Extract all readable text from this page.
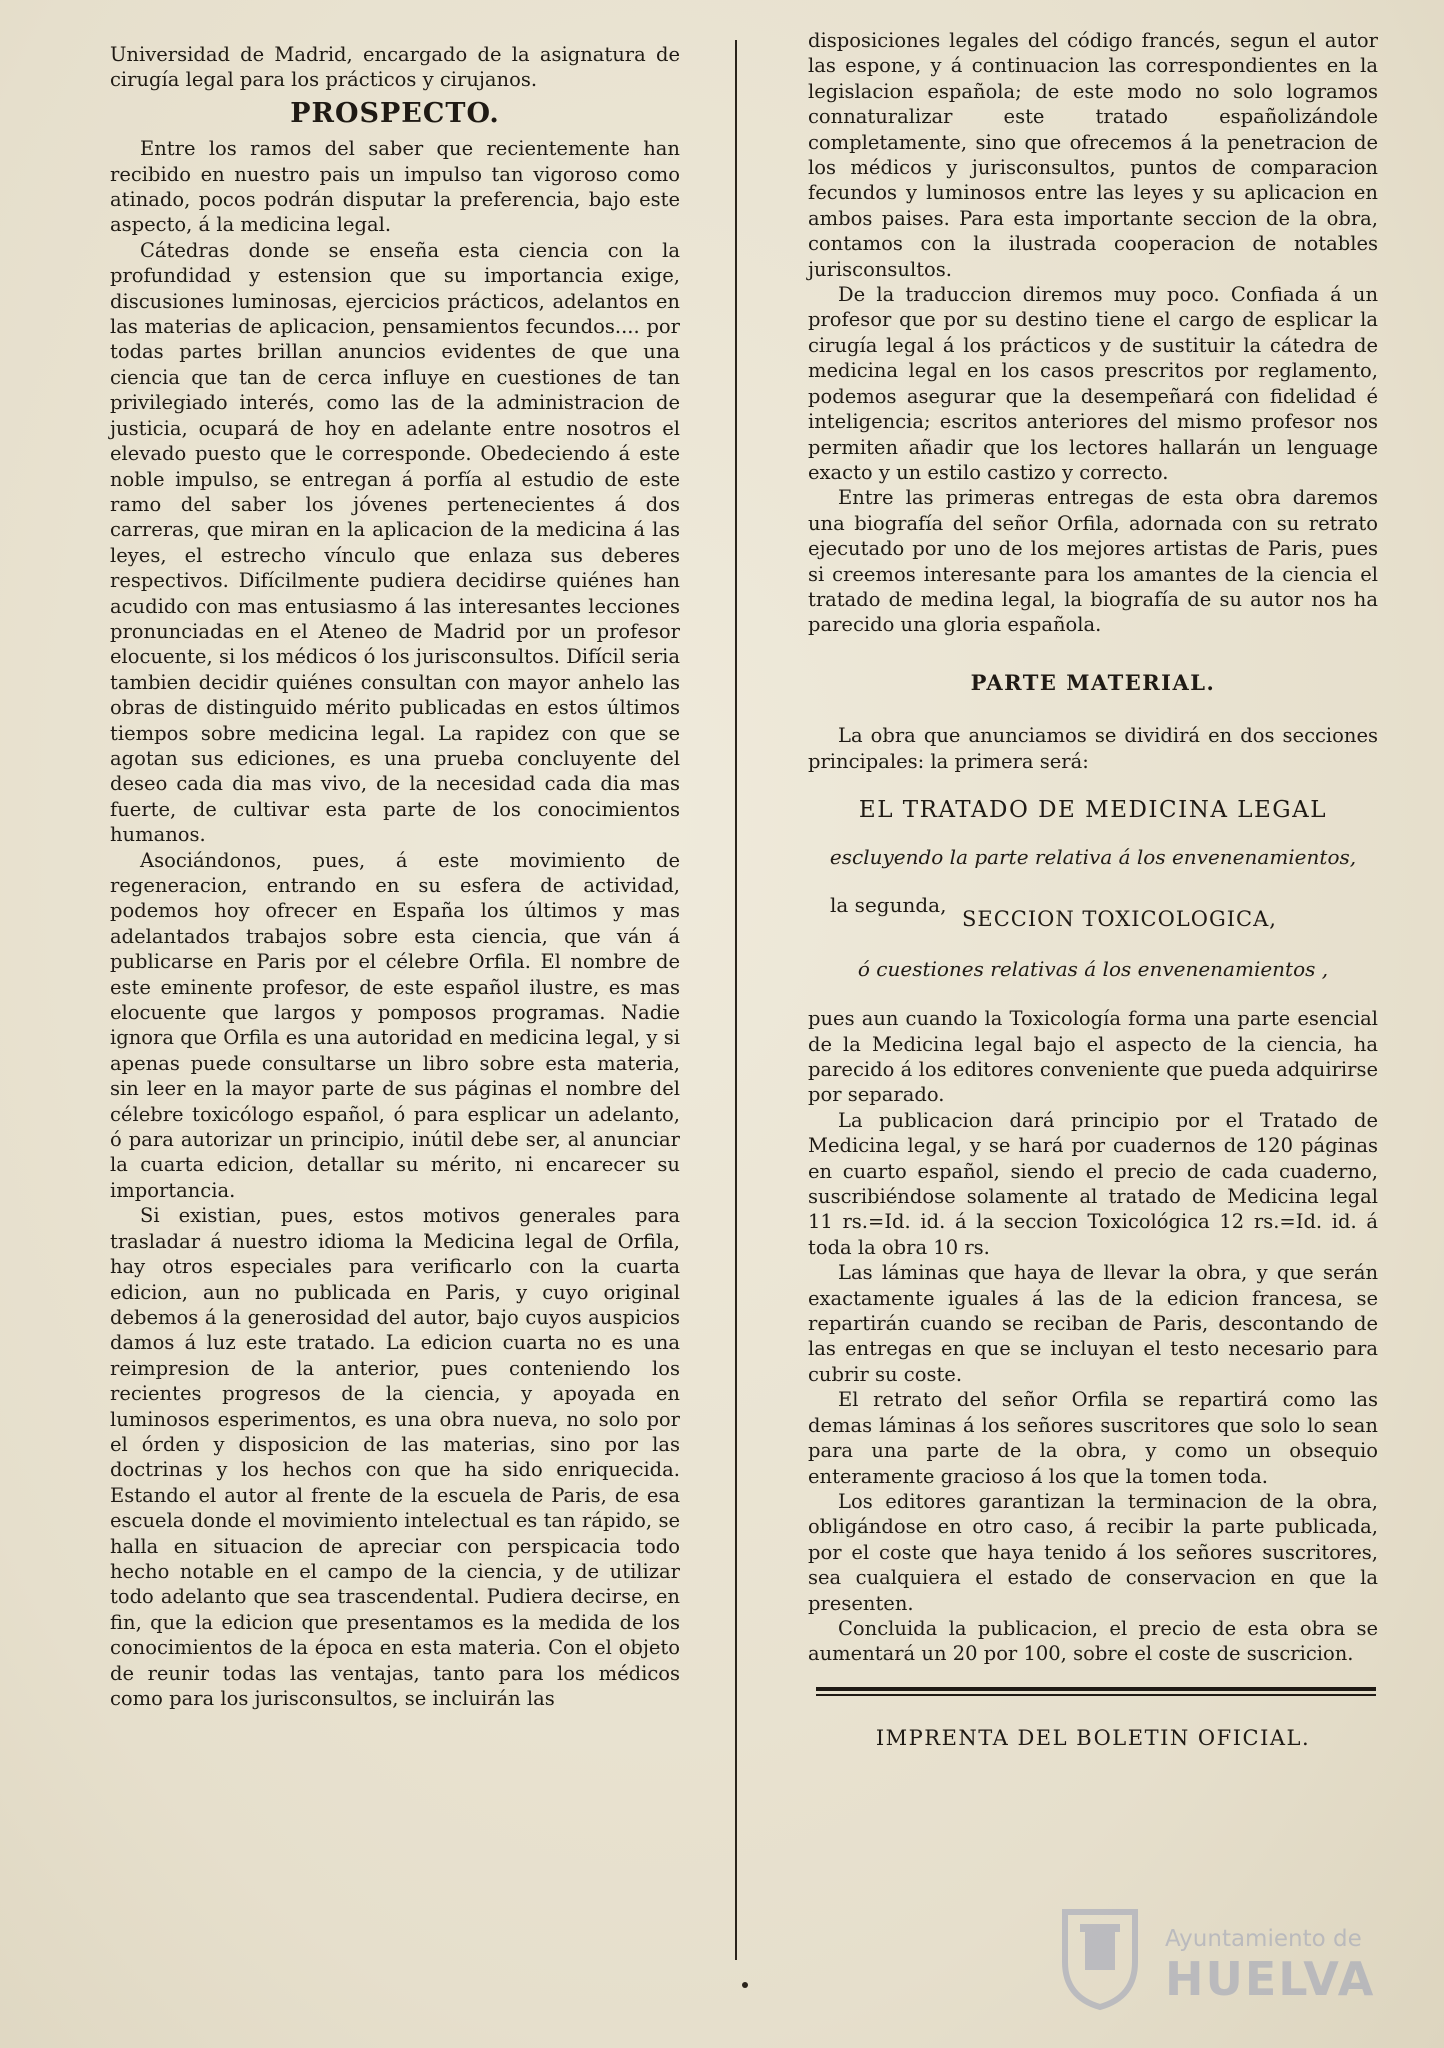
Universidad de Madrid, encargado de la asignatura de cirugía legal para los prácticos y cirujanos.

PROSPECTO.

Entre los ramos del saber que recientemente han recibido en nuestro pais un impulso tan vigoroso como atinado, pocos podrán disputar la preferencia, bajo este aspecto, á la medicina legal.

Cátedras donde se enseña esta ciencia con la profundidad y estension que su importancia exige, discusiones luminosas, ejercicios prácticos, adelantos en las materias de aplicacion, pensamientos fecundos.... por todas partes brillan anuncios evidentes de que una ciencia que tan de cerca influye en cuestiones de tan privilegiado interés, como las de la administracion de justicia, ocupará de hoy en adelante entre nosotros el elevado puesto que le corresponde. Obedeciendo á este noble impulso, se entregan á porfía al estudio de este ramo del saber los jóvenes pertenecientes á dos carreras, que miran en la aplicacion de la medicina á las leyes, el estrecho vínculo que enlaza sus deberes respectivos. Difícilmente pudiera decidirse quiénes han acudido con mas entusiasmo á las interesantes lecciones pronunciadas en el Ateneo de Madrid por un profesor elocuente, si los médicos ó los jurisconsultos. Difícil seria tambien decidir quiénes consultan con mayor anhelo las obras de distinguido mérito publicadas en estos últimos tiempos sobre medicina legal. La rapidez con que se agotan sus ediciones, es una prueba concluyente del deseo cada dia mas vivo, de la necesidad cada dia mas fuerte, de cultivar esta parte de los conocimientos humanos.

Asociándonos, pues, á este movimiento de regeneracion, entrando en su esfera de actividad, podemos hoy ofrecer en España los últimos y mas adelantados trabajos sobre esta ciencia, que ván á publicarse en Paris por el célebre Orfila. El nombre de este eminente profesor, de este español ilustre, es mas elocuente que largos y pomposos programas. Nadie ignora que Orfila es una autoridad en medicina legal, y si apenas puede consultarse un libro sobre esta materia, sin leer en la mayor parte de sus páginas el nombre del célebre toxicólogo español, ó para esplicar un adelanto, ó para autorizar un principio, inútil debe ser, al anunciar la cuarta edicion, detallar su mérito, ni encarecer su importancia.

Si existian, pues, estos motivos generales para trasladar á nuestro idioma la Medicina legal de Orfila, hay otros especiales para verificarlo con la cuarta edicion, aun no publicada en Paris, y cuyo original debemos á la generosidad del autor, bajo cuyos auspicios damos á luz este tratado. La edicion cuarta no es una reimpresion de la anterior, pues conteniendo los recientes progresos de la ciencia, y apoyada en luminosos esperimentos, es una obra nueva, no solo por el órden y disposicion de las materias, sino por las doctrinas y los hechos con que ha sido enriquecida. Estando el autor al frente de la escuela de Paris, de esa escuela donde el movimiento intelectual es tan rápido, se halla en situacion de apreciar con perspicacia todo hecho notable en el campo de la ciencia, y de utilizar todo adelanto que sea trascendental. Pudiera decirse, en fin, que la edicion que presentamos es la medida de los conocimientos de la época en esta materia. Con el objeto de reunir todas las ventajas, tanto para los médicos como para los jurisconsultos, se incluirán las

disposiciones legales del código francés, segun el autor las espone, y á continuacion las correspondientes en la legislacion española; de este modo no solo logramos connaturalizar este tratado españolizándole completamente, sino que ofrecemos á la penetracion de los médicos y jurisconsultos, puntos de comparacion fecundos y luminosos entre las leyes y su aplicacion en ambos paises. Para esta importante seccion de la obra, contamos con la ilustrada cooperacion de notables jurisconsultos.

De la traduccion diremos muy poco. Confiada á un profesor que por su destino tiene el cargo de esplicar la cirugía legal á los prácticos y de sustituir la cátedra de medicina legal en los casos prescritos por reglamento, podemos asegurar que la desempeñará con fidelidad é inteligencia; escritos anteriores del mismo profesor nos permiten añadir que los lectores hallarán un lenguage exacto y un estilo castizo y correcto.

Entre las primeras entregas de esta obra daremos una biografía del señor Orfila, adornada con su retrato ejecutado por uno de los mejores artistas de Paris, pues si creemos interesante para los amantes de la ciencia el tratado de medina legal, la biografía de su autor nos ha parecido una gloria española.

PARTE MATERIAL.

La obra que anunciamos se dividirá en dos secciones principales: la primera será:

EL TRATADO DE MEDICINA LEGAL
escluyendo la parte relativa á los envenenamientos,
la segunda,
SECCION TOXICOLOGICA,
ó cuestiones relativas á los envenenamientos ,

pues aun cuando la Toxicología forma una parte esencial de la Medicina legal bajo el aspecto de la ciencia, ha parecido á los editores conveniente que pueda adquirirse por separado.

La publicacion dará principio por el Tratado de Medicina legal, y se hará por cuadernos de 120 páginas en cuarto español, siendo el precio de cada cuaderno, suscribiéndose solamente al tratado de Medicina legal 11 rs.=Id. id. á la seccion Toxicológica 12 rs.=Id. id. á toda la obra 10 rs.

Las láminas que haya de llevar la obra, y que serán exactamente iguales á las de la edicion francesa, se repartirán cuando se reciban de Paris, descontando de las entregas en que se incluyan el testo necesario para cubrir su coste.

El retrato del señor Orfila se repartirá como las demas láminas á los señores suscritores que solo lo sean para una parte de la obra, y como un obsequio enteramente gracioso á los que la tomen toda.

Los editores garantizan la terminacion de la obra, obligándose en otro caso, á recibir la parte publicada, por el coste que haya tenido á los señores suscritores, sea cualquiera el estado de conservacion en que la presenten.

Concluida la publicacion, el precio de esta obra se aumentará un 20 por 100, sobre el coste de suscricion.

IMPRENTA DEL BOLETIN OFICIAL.
Ayuntamiento de
HUELVA
